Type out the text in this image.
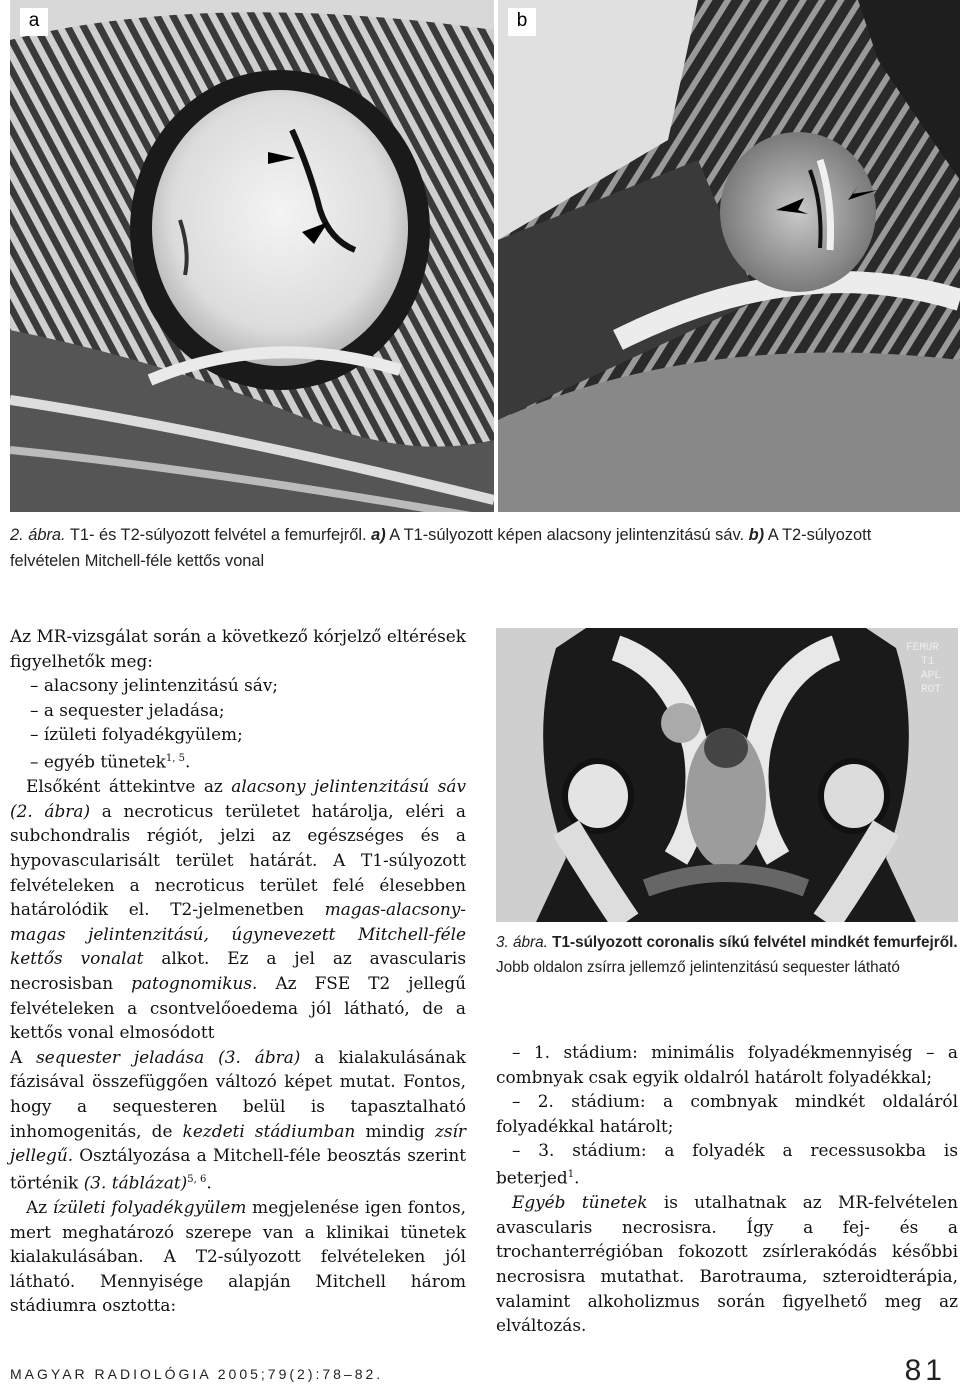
a	b
2. ábra. T1- és T2-súlyozott felvétel a femurfejről. a) A T1-súlyozott képen alacsony jelintenzitású sáv. b) A T2-súlyozott felvételen Mitchell-féle kettős vonal
FEMUR
T1
APL
ROT
3. ábra. T1-súlyozott coronalis síkú felvétel mindkét femurfejről. Jobb oldalon zsírra jellemző jelintenzitású sequester látható

Az MR-vizsgálat során a következő kórjelző eltérések figyelhetők meg:

– alacsony jelintenzitású sáv;

– a sequester jeladása;

– ízületi folyadékgyülem;

– egyéb tünetek$^{1, 5}$.

Elsőként áttekintve az alacsony jelintenzitású sáv (2. ábra) a necroticus területet határolja, eléri a subchondralis régiót, jelzi az egészséges és a hypovascularisált terület határát. A T1-súlyozott felvételeken a necroticus terület felé élesebben határolódik el. T2-jelmenetben magas-alacsony-magas jelintenzitású, úgynevezett Mitchell-féle kettős vonalat alkot. Ez a jel az avascularis necrosisban patognomikus. Az FSE T2 jellegű felvételeken a csontvelőoedema jól látható, de a kettős vonal elmosódott

A sequester jeladása (3. ábra) a kialakulásának fázisával összefüggően változó képet mutat. Fontos, hogy a sequesteren belül is tapasztalható inhomogenitás, de kezdeti stádiumban mindig zsír jellegű. Osztályozása a Mitchell-féle beosztás szerint történik (3. táblázat)$^{5, 6}$.

Az ízületi folyadékgyülem megjelenése igen fontos, mert meghatározó szerepe van a klinikai tünetek kialakulásában. A T2-súlyozott felvételeken jól látható. Mennyisége alapján Mitchell három stádiumra osztotta:

– 1. stádium: minimális folyadékmennyiség – a combnyak csak egyik oldalról határolt folyadékkal;

– 2. stádium: a combnyak mindkét oldaláról folyadékkal határolt;

– 3. stádium: a folyadék a recessusokba is beterjed$^1$.

Egyéb tünetek is utalhatnak az MR-felvételen avascularis necrosisra. Így a fej- és a trochanterrégióban fokozott zsírlerakódás későbbi necrosisra mutathat. Barotrauma, szteroidterápia, valamint alkoholizmus során figyelhető meg az elváltozás.

MAGYAR RADIOLÓGIA 2005;79(2):78–82.	81
